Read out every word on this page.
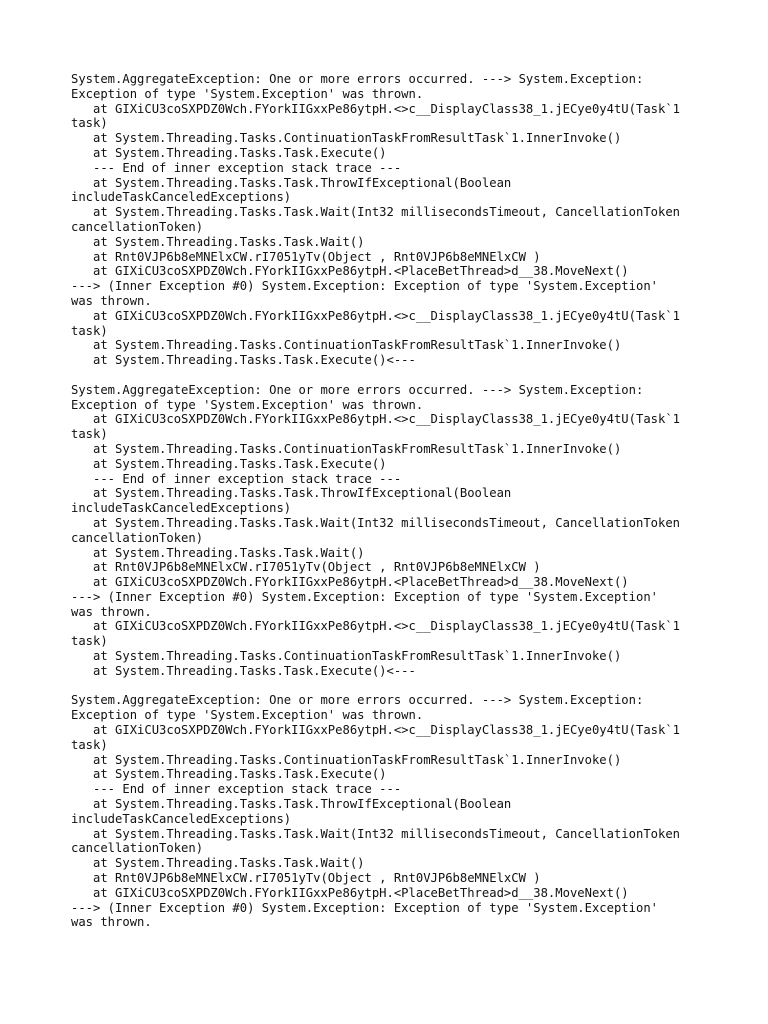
System.AggregateException: One or more errors occurred. ---> System.Exception:
Exception of type 'System.Exception' was thrown.
at GIXiCU3coSXPDZ0Wch.FYorkIIGxxPe86ytpH.<>c__DisplayClass38_1.jECye0y4tU(Task`1
task)
at System.Threading.Tasks.ContinuationTaskFromResultTask`1.InnerInvoke()
at System.Threading.Tasks.Task.Execute()
--- End of inner exception stack trace ---
at System.Threading.Tasks.Task.ThrowIfExceptional(Boolean
includeTaskCanceledExceptions)
at System.Threading.Tasks.Task.Wait(Int32 millisecondsTimeout, CancellationToken
cancellationToken)
at System.Threading.Tasks.Task.Wait()
at Rnt0VJP6b8eMNElxCW.rI7051yTv(Object , Rnt0VJP6b8eMNElxCW )
at GIXiCU3coSXPDZ0Wch.FYorkIIGxxPe86ytpH.<PlaceBetThread>d__38.MoveNext()
---> (Inner Exception #0) System.Exception: Exception of type 'System.Exception'
was thrown.
at GIXiCU3coSXPDZ0Wch.FYorkIIGxxPe86ytpH.<>c__DisplayClass38_1.jECye0y4tU(Task`1
task)
at System.Threading.Tasks.ContinuationTaskFromResultTask`1.InnerInvoke()
at System.Threading.Tasks.Task.Execute()<---
System.AggregateException: One or more errors occurred. ---> System.Exception:
Exception of type 'System.Exception' was thrown.
at GIXiCU3coSXPDZ0Wch.FYorkIIGxxPe86ytpH.<>c__DisplayClass38_1.jECye0y4tU(Task`1
task)
at System.Threading.Tasks.ContinuationTaskFromResultTask`1.InnerInvoke()
at System.Threading.Tasks.Task.Execute()
--- End of inner exception stack trace ---
at System.Threading.Tasks.Task.ThrowIfExceptional(Boolean
includeTaskCanceledExceptions)
at System.Threading.Tasks.Task.Wait(Int32 millisecondsTimeout, CancellationToken
cancellationToken)
at System.Threading.Tasks.Task.Wait()
at Rnt0VJP6b8eMNElxCW.rI7051yTv(Object , Rnt0VJP6b8eMNElxCW )
at GIXiCU3coSXPDZ0Wch.FYorkIIGxxPe86ytpH.<PlaceBetThread>d__38.MoveNext()
---> (Inner Exception #0) System.Exception: Exception of type 'System.Exception'
was thrown.
at GIXiCU3coSXPDZ0Wch.FYorkIIGxxPe86ytpH.<>c__DisplayClass38_1.jECye0y4tU(Task`1
task)
at System.Threading.Tasks.ContinuationTaskFromResultTask`1.InnerInvoke()
at System.Threading.Tasks.Task.Execute()<---
System.AggregateException: One or more errors occurred. ---> System.Exception:
Exception of type 'System.Exception' was thrown.
at GIXiCU3coSXPDZ0Wch.FYorkIIGxxPe86ytpH.<>c__DisplayClass38_1.jECye0y4tU(Task`1
task)
at System.Threading.Tasks.ContinuationTaskFromResultTask`1.InnerInvoke()
at System.Threading.Tasks.Task.Execute()
--- End of inner exception stack trace ---
at System.Threading.Tasks.Task.ThrowIfExceptional(Boolean
includeTaskCanceledExceptions)
at System.Threading.Tasks.Task.Wait(Int32 millisecondsTimeout, CancellationToken
cancellationToken)
at System.Threading.Tasks.Task.Wait()
at Rnt0VJP6b8eMNElxCW.rI7051yTv(Object , Rnt0VJP6b8eMNElxCW )
at GIXiCU3coSXPDZ0Wch.FYorkIIGxxPe86ytpH.<PlaceBetThread>d__38.MoveNext()
---> (Inner Exception #0) System.Exception: Exception of type 'System.Exception'
was thrown.
